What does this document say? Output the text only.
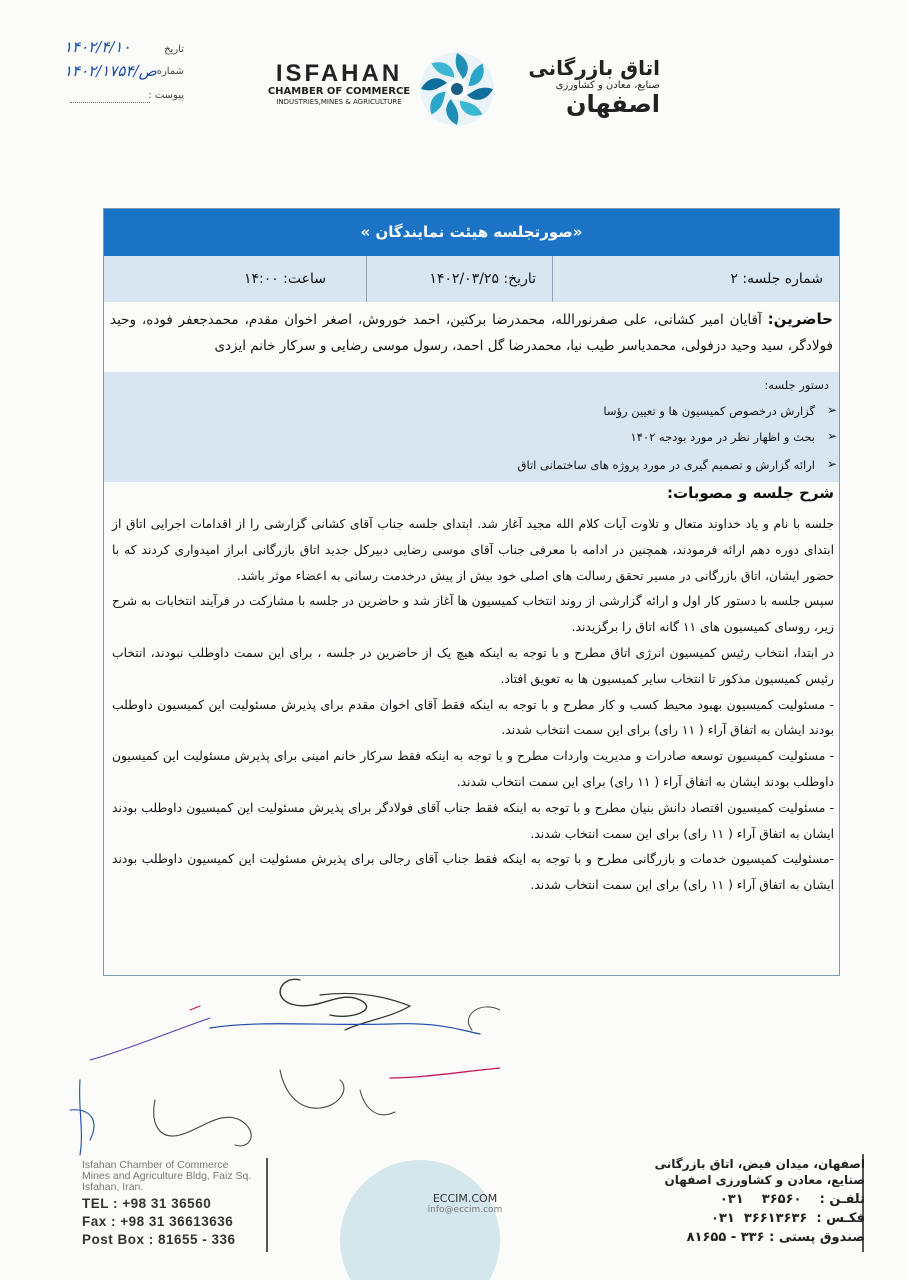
تاریخ
۱۴۰۲/۴/۱۰
شماره
۱۴۰۲/ص/۱۷۵۴
پیوست :
ISFAHAN
CHAMBER OF COMMERCE
INDUSTRIES,MINES & AGRICULTURE
اتاق بازرگانی
صنایع، معادن و کشاورزی
اصفهان
«صورتجلسه هیئت نمایندگان »
شماره جلسه: ۲
تاریخ: ۱۴۰۲/۰۳/۲۵
ساعت: ۱۴:۰۰
حاضرین: آقایان امیر کشانی، علی صفرنورالله، محمدرضا برکتین، احمد خوروش، اصغر اخوان مقدم، محمدجعفر فوده، وحید فولادگر، سید وحید دزفولی، محمدیاسر طیب نیا، محمدرضا گل احمد، رسول موسی رضایی و سرکار خانم ایزدی
دستور جلسه:
➢
گزارش درخصوص کمیسیون ها و تعیین رؤسا
➢
بحث و اظهار نظر در مورد بودجه ۱۴۰۲
➢
ارائه گزارش و تصمیم گیری در مورد پروژه های ساختمانی اتاق
شرح جلسه و مصوبات:

جلسه با نام و یاد خداوند متعال و تلاوت آیات کلام الله مجید آغاز شد. ابتدای جلسه جناب آقای کشانی گزارشی را از اقدامات اجرایی اتاق از ابتدای دوره دهم ارائه فرمودند، همچنین در ادامه با معرفی جناب آقای موسی رضایی دبیرکل جدید اتاق بازرگانی ابراز امیدواری کردند که با حضور ایشان، اتاق بازرگانی در مسیر تحقق رسالت های اصلی خود بیش از پیش درخدمت رسانی به اعضاء موثر باشد.

سپس جلسه با دستور کار اول و ارائه گزارشی از روند انتخاب کمیسیون ها آغاز شد و حاضرین در جلسه با مشارکت در فرآیند انتخابات به شرح زیر، روسای کمیسیون های ۱۱ گانه اتاق را برگزیدند.

در ابتدا، انتخاب رئیس کمیسیون انرژی اتاق مطرح و با توجه به اینکه هیچ یک از حاضرین در جلسه ، برای این سمت داوطلب نبودند، انتخاب رئیس کمیسیون مذکور تا انتخاب سایر کمیسیون ها به تعویق افتاد.

- مسئولیت کمیسیون بهبود محیط کسب و کار مطرح و با توجه به اینکه فقط آقای اخوان مقدم برای پذیرش مسئولیت این کمیسیون داوطلب بودند ایشان به اتفاق آراء ( ۱۱ رای) برای این سمت انتخاب شدند.

- مسئولیت کمیسیون توسعه صادرات و مدیریت واردات مطرح و با توجه به اینکه فقط سرکار خانم امینی برای پذیرش مسئولیت این کمیسیون داوطلب بودند ایشان به اتفاق آراء ( ۱۱ رای) برای این سمت انتخاب شدند.

- مسئولیت کمیسیون اقتصاد دانش بنیان مطرح و با توجه به اینکه فقط جناب آقای فولادگر برای پذیرش مسئولیت این کمیسیون داوطلب بودند ایشان به اتفاق آراء ( ۱۱ رای) برای این سمت انتخاب شدند.

-مسئولیت کمیسیون خدمات و بازرگانی مطرح و با توجه به اینکه فقط جناب آقای رجالی برای پذیرش مسئولیت این کمیسیون داوطلب بودند ایشان به اتفاق آراء ( ۱۱ رای) برای این سمت انتخاب شدند.

Isfahan Chamber of Commerce
Mines and Agriculture Bldg, Faiz Sq.
Isfahan, Iran.
TEL : +98 31 36560
Fax : +98 31 36613636
Post Box : 81655 - 336
ECCIM.COM
info@eccim.com
اصفهان، میدان فیض، اتاق بازرگانی
صنایع، معادن و کشاورزی اصفهان
تلفـن :    ۳۶۵۶۰    ۰۳۱
فکـس :  ۳۶۶۱۳۶۳۶  ۰۳۱
صندوق پستی : ۳۳۶ - ۸۱۶۵۵
